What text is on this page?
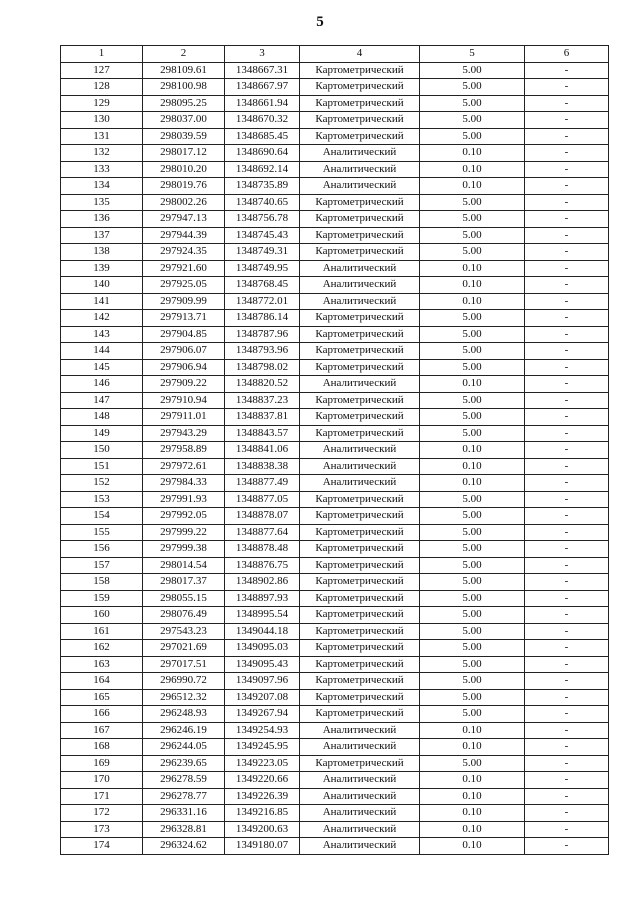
5
1	2	3	4	5	6
127	298109.61	1348667.31	Картометрический	5.00	-
128	298100.98	1348667.97	Картометрический	5.00	-
129	298095.25	1348661.94	Картометрический	5.00	-
130	298037.00	1348670.32	Картометрический	5.00	-
131	298039.59	1348685.45	Картометрический	5.00	-
132	298017.12	1348690.64	Аналитический	0.10	-
133	298010.20	1348692.14	Аналитический	0.10	-
134	298019.76	1348735.89	Аналитический	0.10	-
135	298002.26	1348740.65	Картометрический	5.00	-
136	297947.13	1348756.78	Картометрический	5.00	-
137	297944.39	1348745.43	Картометрический	5.00	-
138	297924.35	1348749.31	Картометрический	5.00	-
139	297921.60	1348749.95	Аналитический	0.10	-
140	297925.05	1348768.45	Аналитический	0.10	-
141	297909.99	1348772.01	Аналитический	0.10	-
142	297913.71	1348786.14	Картометрический	5.00	-
143	297904.85	1348787.96	Картометрический	5.00	-
144	297906.07	1348793.96	Картометрический	5.00	-
145	297906.94	1348798.02	Картометрический	5.00	-
146	297909.22	1348820.52	Аналитический	0.10	-
147	297910.94	1348837.23	Картометрический	5.00	-
148	297911.01	1348837.81	Картометрический	5.00	-
149	297943.29	1348843.57	Картометрический	5.00	-
150	297958.89	1348841.06	Аналитический	0.10	-
151	297972.61	1348838.38	Аналитический	0.10	-
152	297984.33	1348877.49	Аналитический	0.10	-
153	297991.93	1348877.05	Картометрический	5.00	-
154	297992.05	1348878.07	Картометрический	5.00	-
155	297999.22	1348877.64	Картометрический	5.00	-
156	297999.38	1348878.48	Картометрический	5.00	-
157	298014.54	1348876.75	Картометрический	5.00	-
158	298017.37	1348902.86	Картометрический	5.00	-
159	298055.15	1348897.93	Картометрический	5.00	-
160	298076.49	1348995.54	Картометрический	5.00	-
161	297543.23	1349044.18	Картометрический	5.00	-
162	297021.69	1349095.03	Картометрический	5.00	-
163	297017.51	1349095.43	Картометрический	5.00	-
164	296990.72	1349097.96	Картометрический	5.00	-
165	296512.32	1349207.08	Картометрический	5.00	-
166	296248.93	1349267.94	Картометрический	5.00	-
167	296246.19	1349254.93	Аналитический	0.10	-
168	296244.05	1349245.95	Аналитический	0.10	-
169	296239.65	1349223.05	Картометрический	5.00	-
170	296278.59	1349220.66	Аналитический	0.10	-
171	296278.77	1349226.39	Аналитический	0.10	-
172	296331.16	1349216.85	Аналитический	0.10	-
173	296328.81	1349200.63	Аналитический	0.10	-
174	296324.62	1349180.07	Аналитический	0.10	-
